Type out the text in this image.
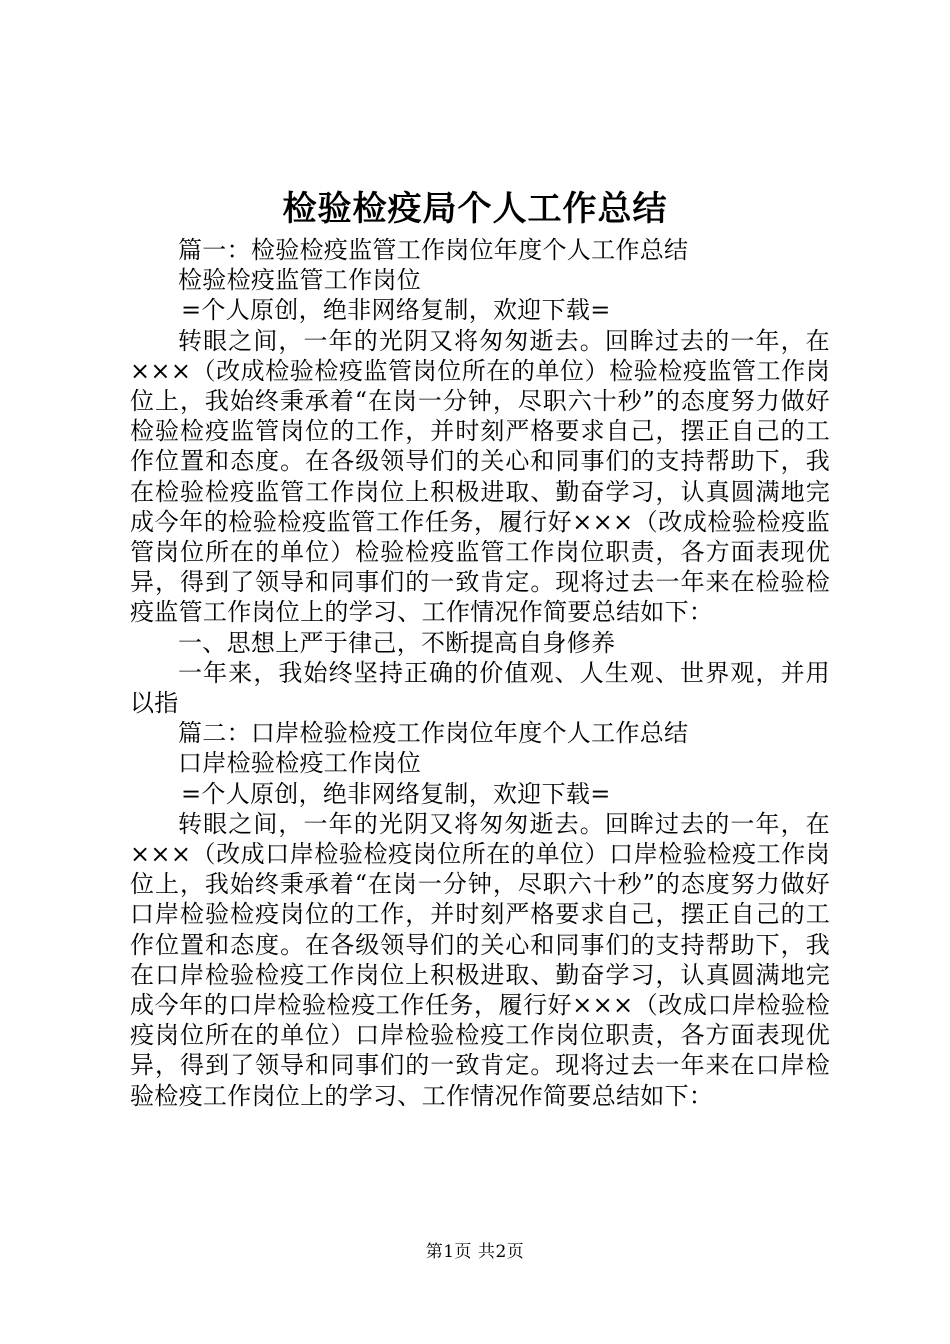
检验检疫局个人工作总结

篇一：检验检疫监管工作岗位年度个人工作总结

检验检疫监管工作岗位

=个人原创，绝非网络复制，欢迎下载=

转眼之间，一年的光阴又将匆匆逝去。回眸过去的一年，在×××（改成检验检疫监管岗位所在的单位）检验检疫监管工作岗位上，我始终秉承着“在岗一分钟，尽职六十秒”的态度努力做好检验检疫监管岗位的工作，并时刻严格要求自己，摆正自己的工作位置和态度。在各级领导们的关心和同事们的支持帮助下，我在检验检疫监管工作岗位上积极进取、勤奋学习，认真圆满地完成今年的检验检疫监管工作任务，履行好×××（改成检验检疫监管岗位所在的单位）检验检疫监管工作岗位职责，各方面表现优异，得到了领导和同事们的一致肯定。现将过去一年来在检验检疫监管工作岗位上的学习、工作情况作简要总结如下：

一、思想上严于律己，不断提高自身修养

一年来，我始终坚持正确的价值观、人生观、世界观，并用以指

篇二：口岸检验检疫工作岗位年度个人工作总结

口岸检验检疫工作岗位

=个人原创，绝非网络复制，欢迎下载=

转眼之间，一年的光阴又将匆匆逝去。回眸过去的一年，在×××（改成口岸检验检疫岗位所在的单位）口岸检验检疫工作岗位上，我始终秉承着“在岗一分钟，尽职六十秒”的态度努力做好口岸检验检疫岗位的工作，并时刻严格要求自己，摆正自己的工作位置和态度。在各级领导们的关心和同事们的支持帮助下，我在口岸检验检疫工作岗位上积极进取、勤奋学习，认真圆满地完成今年的口岸检验检疫工作任务，履行好×××（改成口岸检验检疫岗位所在的单位）口岸检验检疫工作岗位职责，各方面表现优异，得到了领导和同事们的一致肯定。现将过去一年来在口岸检验检疫工作岗位上的学习、工作情况作简要总结如下：

第1页 共2页
